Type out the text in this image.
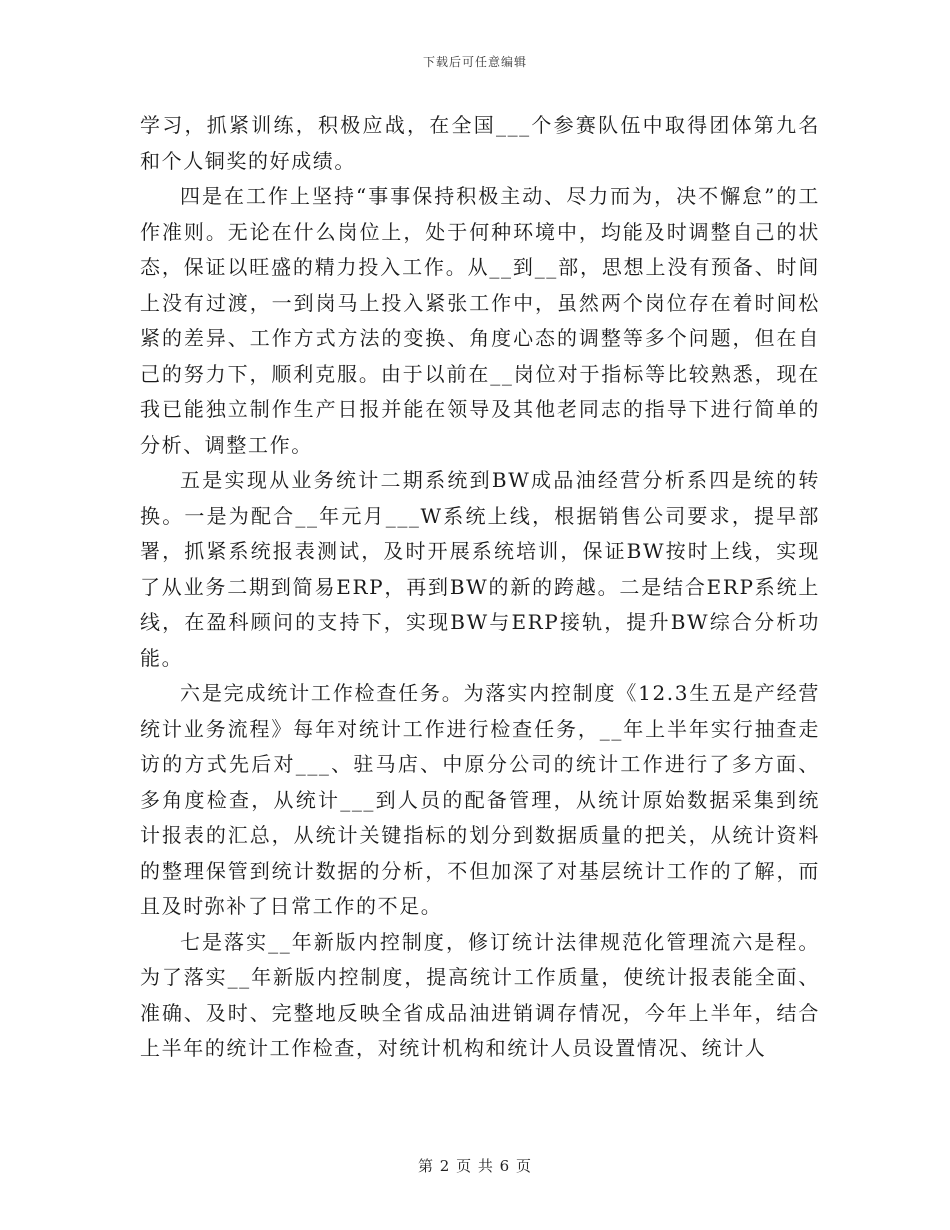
下载后可任意编辑

学习，抓紧训练，积极应战，在全国___个参赛队伍中取得团体第九名和个人铜奖的好成绩。

四是在工作上坚持“事事保持积极主动、尽力而为，决不懈怠”的工作准则。无论在什么岗位上，处于何种环境中，均能及时调整自己的状态，保证以旺盛的精力投入工作。从__到__部，思想上没有预备、时间上没有过渡，一到岗马上投入紧张工作中，虽然两个岗位存在着时间松紧的差异、工作方式方法的变换、角度心态的调整等多个问题，但在自己的努力下，顺利克服。由于以前在__岗位对于指标等比较熟悉，现在我已能独立制作生产日报并能在领导及其他老同志的指导下进行简单的分析、调整工作。

五是实现从业务统计二期系统到BW成品油经营分析系四是统的转换。一是为配合__年元月___W系统上线，根据销售公司要求，提早部署，抓紧系统报表测试，及时开展系统培训，保证BW按时上线，实现了从业务二期到简易ERP，再到BW的新的跨越。二是结合ERP系统上线，在盈科顾问的支持下，实现BW与ERP接轨，提升BW综合分析功能。

六是完成统计工作检查任务。为落实内控制度《12.3生五是产经营统计业务流程》每年对统计工作进行检查任务，__年上半年实行抽查走访的方式先后对___、驻马店、中原分公司的统计工作进行了多方面、多角度检查，从统计___到人员的配备管理，从统计原始数据采集到统计报表的汇总，从统计关键指标的划分到数据质量的把关，从统计资料的整理保管到统计数据的分析，不但加深了对基层统计工作的了解，而且及时弥补了日常工作的不足。

七是落实__年新版内控制度，修订统计法律规范化管理流六是程。为了落实__年新版内控制度，提高统计工作质量，使统计报表能全面、准确、及时、完整地反映全省成品油进销调存情况，今年上半年，结合上半年的统计工作检查，对统计机构和统计人员设置情况、统计人

第 2 页 共 6 页
